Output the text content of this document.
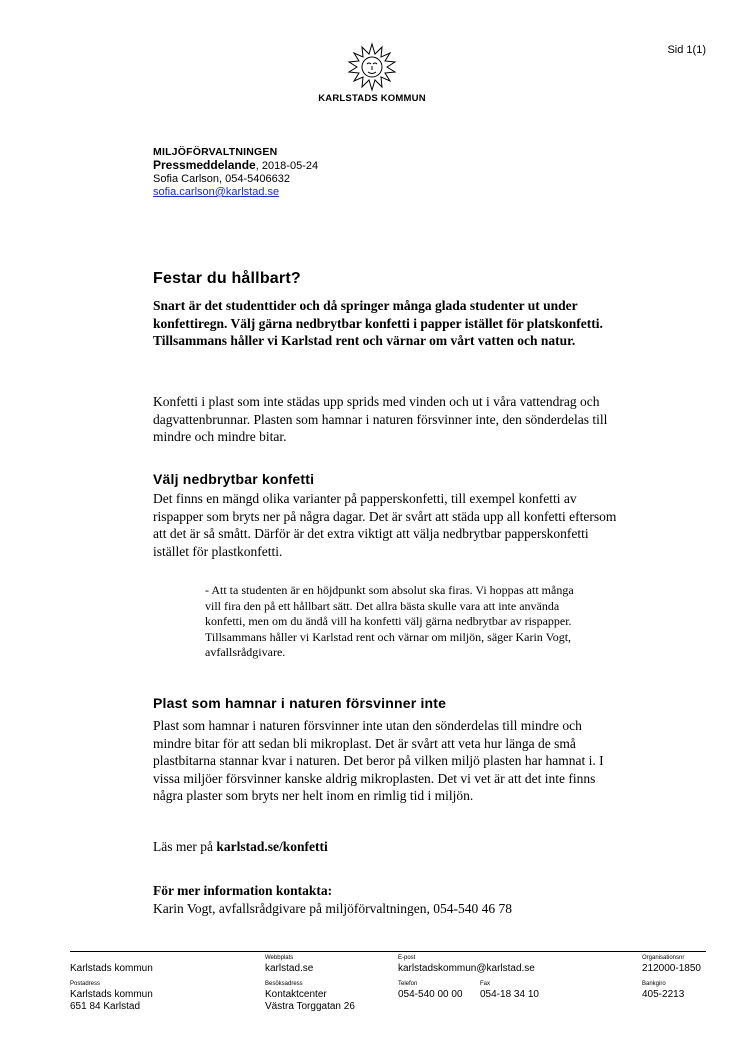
Sid 1(1)
KARLSTADS KOMMUN
MILJÖFÖRVALTNINGEN
Pressmeddelande, 2018-05-24
Sofia Carlson, 054-5406632
sofia.carlson@karlstad.se
Festar du hållbart?
Snart är det studenttider och då springer många glada studenter ut under konfettiregn. Välj gärna nedbrytbar konfetti i papper istället för platskonfetti. Tillsammans håller vi Karlstad rent och värnar om vårt vatten och natur.
Konfetti i plast som inte städas upp sprids med vinden och ut i våra vattendrag och dagvattenbrunnar. Plasten som hamnar i naturen försvinner inte, den sönderdelas till mindre och mindre bitar.
Välj nedbrytbar konfetti
Det finns en mängd olika varianter på papperskonfetti, till exempel konfetti av rispapper som bryts ner på några dagar. Det är svårt att städa upp all konfetti eftersom att det är så smått. Därför är det extra viktigt att välja nedbrytbar papperskonfetti istället för plastkonfetti.
- Att ta studenten är en höjdpunkt som absolut ska firas. Vi hoppas att många vill fira den på ett hållbart sätt. Det allra bästa skulle vara att inte använda konfetti, men om du ändå vill ha konfetti välj gärna nedbrytbar av rispapper. Tillsammans håller vi Karlstad rent och värnar om miljön, säger Karin Vogt, avfallsrådgivare.
Plast som hamnar i naturen försvinner inte
Plast som hamnar i naturen försvinner inte utan den sönderdelas till mindre och mindre bitar för att sedan bli mikroplast. Det är svårt att veta hur länga de små plastbitarna stannar kvar i naturen. Det beror på vilken miljö plasten har hamnat i. I vissa miljöer försvinner kanske aldrig mikroplasten. Det vi vet är att det inte finns några plaster som bryts ner helt inom en rimlig tid i miljön.
Läs mer på karlstad.se/konfetti
För mer information kontakta:
Karin Vogt, avfallsrådgivare på miljöförvaltningen, 054-540 46 78
Karlstads kommun
Webbplats
karlstad.se
E-post
karlstadskommun@karlstad.se
Organisationsnr
212000-1850
Postadress
Karlstads kommun
651 84 Karlstad
Besöksadress
Kontaktcenter
Västra Torggatan 26
Telefon
054-540 00 00
Fax
054-18 34 10
Bankgiro
405-2213
